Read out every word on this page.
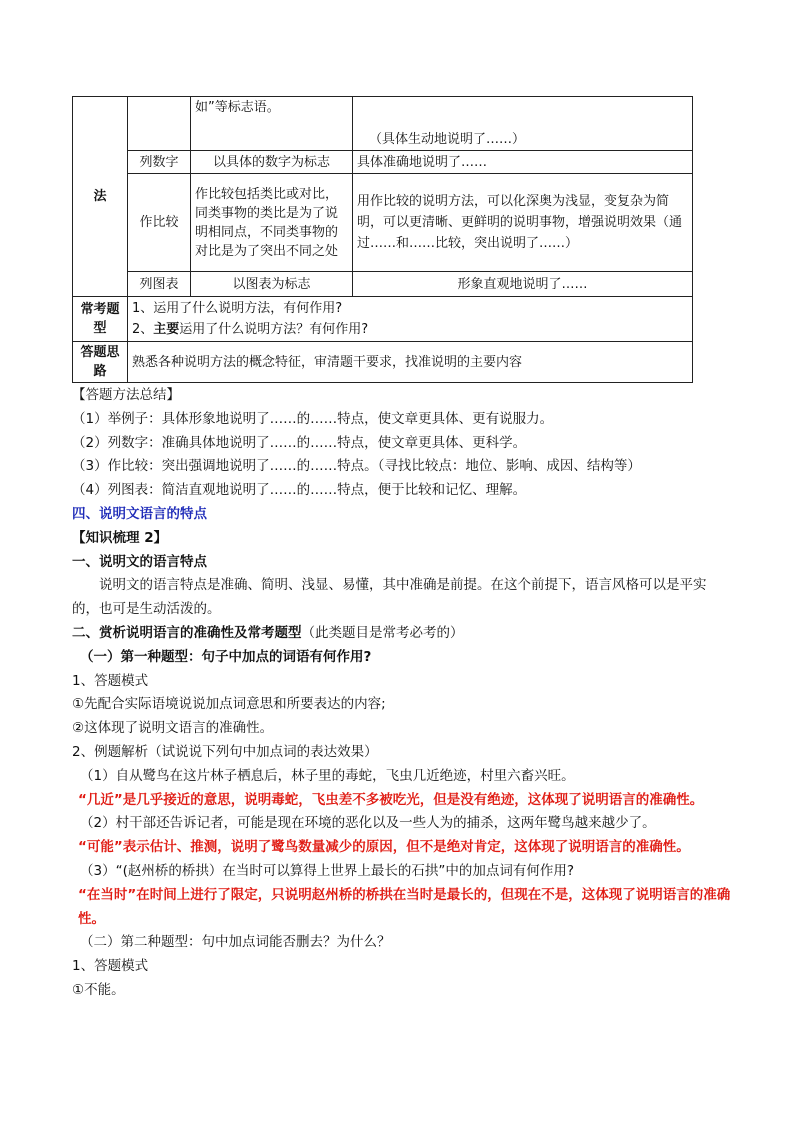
法		如”等标志语。	（具体生动地说明了……）
	列数字	以具体的数字为标志	具体准确地说明了……
	作比较	作比较包括类比或对比，同类事物的类比是为了说明相同点，不同类事物的对比是为了突出不同之处	用作比较的说明方法，可以化深奥为浅显，变复杂为简明，可以更清晰、更鲜明的说明事物，增强说明效果（通过……和……比较，突出说明了……）
	列图表	以图表为标志	形象直观地说明了……
常考题型	1、运用了什么说明方法，有何作用?
2、主要运用了什么说明方法？有何作用?		

答题思路	熟悉各种说明方法的概念特征，审清题干要求，找准说明的主要内容		
【答题方法总结】
（1）举例子：具体形象地说明了……的……特点，使文章更具体、更有说服力。
（2）列数字：准确具体地说明了……的……特点，使文章更具体、更科学。
（3）作比较：突出强调地说明了……的……特点。（寻找比较点：地位、影响、成因、结构等）
（4）列图表：简洁直观地说明了……的……特点，便于比较和记忆、理解。
四、说明文语言的特点
【知识梳理 2】
一、说明文的语言特点
说明文的语言特点是准确、简明、浅显、易懂，其中准确是前提。在这个前提下，语言风格可以是平实的，也可是生动活泼的。
二、赏析说明语言的准确性及常考题型（此类题目是常考必考的）
（一）第一种题型：句子中加点的词语有何作用?
1、答题模式
①先配合实际语境说说加点词意思和所要表达的内容;
②这体现了说明文语言的准确性。
2、例题解析（试说说下列句中加点词的表达效果）
（1）自从鹭鸟在这片林子栖息后，林子里的毒蛇，飞虫几近绝迹，村里六畜兴旺。
“几近”是几乎接近的意思，说明毒蛇，飞虫差不多被吃光，但是没有绝迹，这体现了说明语言的准确性。
（2）村干部还告诉记者，可能是现在环境的恶化以及一些人为的捕杀，这两年鹭鸟越来越少了。
“可能”表示估计、推测，说明了鹭鸟数量减少的原因，但不是绝对肯定，这体现了说明语言的准确性。
（3）“(赵州桥的桥拱）在当时可以算得上世界上最长的石拱”中的加点词有何作用?
“在当时”在时间上进行了限定，只说明赵州桥的桥拱在当时是最长的，但现在不是，这体现了说明语言的准确性。
（二）第二种题型：句中加点词能否删去？为什么？
1、答题模式
①不能。
